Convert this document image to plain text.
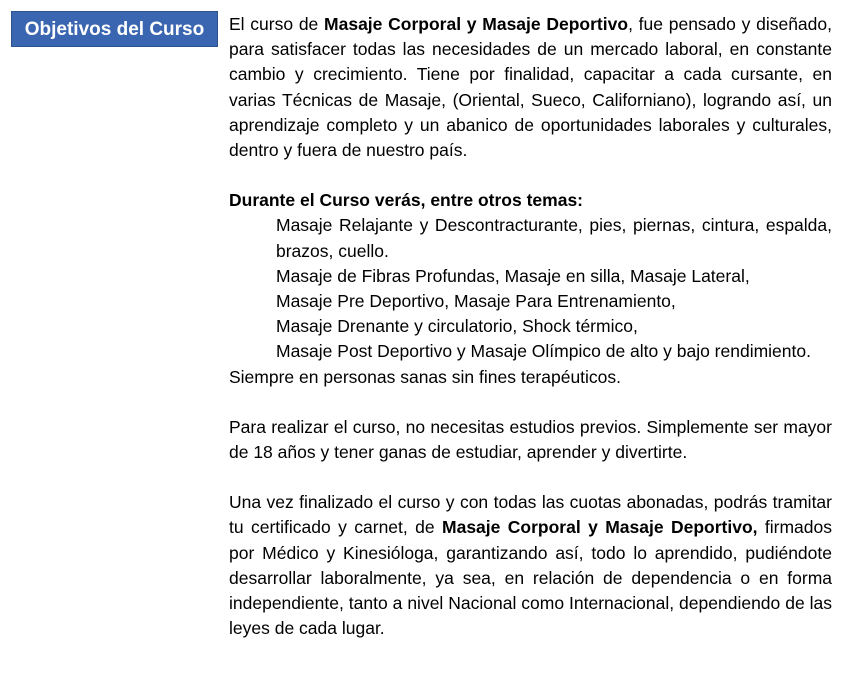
Objetivos del Curso	El curso de Masaje Corporal y Masaje Deportivo, fue pensado y diseñado, para satisfacer todas las necesidades de un mercado laboral, en constante cambio y crecimiento. Tiene por finalidad, capacitar a cada cursante, en varias Técnicas de Masaje, (Oriental, Sueco, Californiano), logrando así, un aprendizaje completo y un abanico de oportunidades laborales y culturales, dentro y fuera de nuestro país.

Durante el Curso verás, entre otros temas:

Masaje Relajante y Descontracturante, pies, piernas, cintura, espalda, brazos, cuello.
Masaje de Fibras Profundas, Masaje en silla, Masaje Lateral,
Masaje Pre Deportivo, Masaje Para Entrenamiento,
Masaje Drenante y circulatorio, Shock térmico,
Masaje Post Deportivo y Masaje Olímpico de alto y bajo rendimiento.

Siempre en personas sanas sin fines terapéuticos.

Para realizar el curso, no necesitas estudios previos. Simplemente ser mayor de 18 años y tener ganas de estudiar, aprender y divertirte.

Una vez finalizado el curso y con todas las cuotas abonadas, podrás tramitar tu certificado y carnet, de Masaje Corporal y Masaje Deportivo, firmados por Médico y Kinesióloga, garantizando así, todo lo aprendido, pudiéndote desarrollar laboralmente, ya sea, en relación de dependencia o en forma independiente, tanto a nivel Nacional como Internacional, dependiendo de las leyes de cada lugar.
